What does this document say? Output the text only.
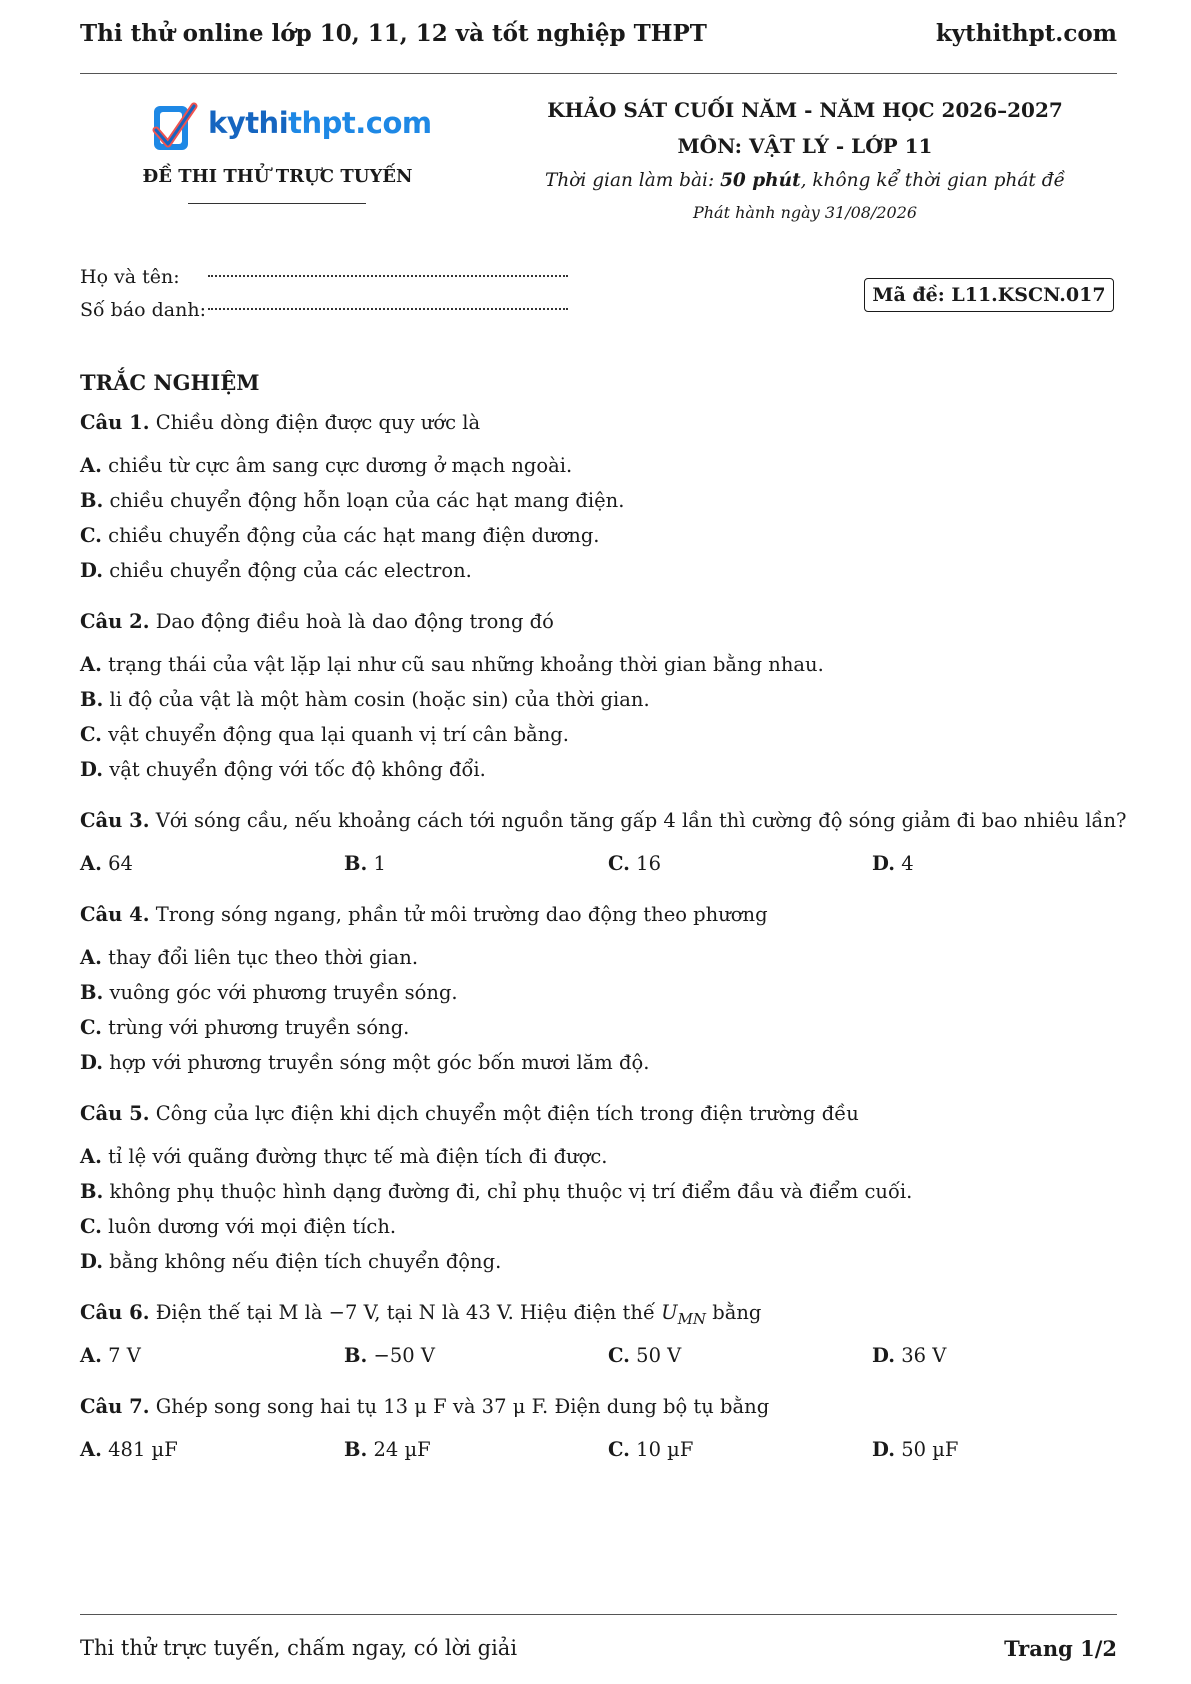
Thi thử online lớp 10, 11, 12 và tốt nghiệp THPT	kythithpt.com
kythithpt.com
ĐỀ THI THỬ TRỰC TUYẾN
KHẢO SÁT CUỐI NĂM - NĂM HỌC 2026–2027
MÔN: VẬT LÝ - LỚP 11
Thời gian làm bài: 50 phút, không kể thời gian phát đề
Phát hành ngày 31/08/2026
Họ và tên:
Số báo danh:
Mã đề: L11.KSCN.017
TRẮC NGHIỆM
Câu 1. Chiều dòng điện được quy ước là
A. chiều từ cực âm sang cực dương ở mạch ngoài.
B. chiều chuyển động hỗn loạn của các hạt mang điện.
C. chiều chuyển động của các hạt mang điện dương.
D. chiều chuyển động của các electron.
Câu 2. Dao động điều hoà là dao động trong đó
A. trạng thái của vật lặp lại như cũ sau những khoảng thời gian bằng nhau.
B. li độ của vật là một hàm cosin (hoặc sin) của thời gian.
C. vật chuyển động qua lại quanh vị trí cân bằng.
D. vật chuyển động với tốc độ không đổi.
Câu 3. Với sóng cầu, nếu khoảng cách tới nguồn tăng gấp 4 lần thì cường độ sóng giảm đi bao nhiêu lần?
A. 64	B. 1	C. 16	D. 4
Câu 4. Trong sóng ngang, phần tử môi trường dao động theo phương
A. thay đổi liên tục theo thời gian.
B. vuông góc với phương truyền sóng.
C. trùng với phương truyền sóng.
D. hợp với phương truyền sóng một góc bốn mươi lăm độ.
Câu 5. Công của lực điện khi dịch chuyển một điện tích trong điện trường đều
A. tỉ lệ với quãng đường thực tế mà điện tích đi được.
B. không phụ thuộc hình dạng đường đi, chỉ phụ thuộc vị trí điểm đầu và điểm cuối.
C. luôn dương với mọi điện tích.
D. bằng không nếu điện tích chuyển động.
Câu 6. Điện thế tại M là −7 V, tại N là 43 V. Hiệu điện thế $U_{MN}$ bằng
A. 7 V	B. −50 V	C. 50 V	D. 36 V
Câu 7. Ghép song song hai tụ 13 μ F và 37 μ F. Điện dung bộ tụ bằng
A. 481 µF	B. 24 µF	C. 10 µF	D. 50 µF
Thi thử trực tuyến, chấm ngay, có lời giải	Trang 1/2
